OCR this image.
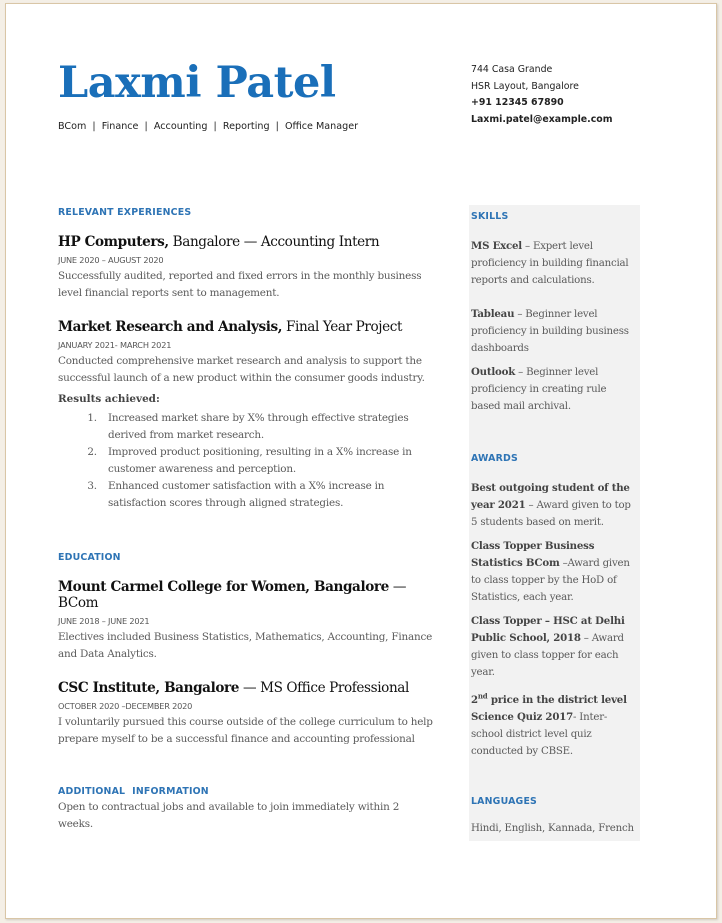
Laxmi Patel
BCom  |  Finance  |  Accounting  |  Reporting  |  Office Manager
744 Casa Grande
HSR Layout, Bangalore
+91 12345 67890
Laxmi.patel@example.com
RELEVANT EXPERIENCES

HP Computers, Bangalore — Accounting Intern

JUNE 2020 – AUGUST 2020

Successfully audited, reported and fixed errors in the monthly business level financial reports sent to management.

Market Research and Analysis, Final Year Project

JANUARY 2021- MARCH 2021

Conducted comprehensive market research and analysis to support the successful launch of a new product within the consumer goods industry.

Results achieved:

1. Increased market share by X% through effective strategies derived from market research.
2. Improved product positioning, resulting in a X% increase in customer awareness and perception.
3. Enhanced customer satisfaction with a X% increase in satisfaction scores through aligned strategies.
EDUCATION

Mount Carmel College for Women, Bangalore —BCom

JUNE 2018 – JUNE 2021

Electives included Business Statistics, Mathematics, Accounting, Finance and Data Analytics.

CSC Institute, Bangalore — MS Office Professional

OCTOBER 2020 –DECEMBER 2020

I voluntarily pursued this course outside of the college curriculum to help prepare myself to be a successful finance and accounting professional

ADDITIONAL  INFORMATION

Open to contractual jobs and available to join immediately within 2 weeks.

SKILLS

MS Excel – Expert level proficiency in building financial reports and calculations.

Tableau – Beginner level proficiency in building business dashboards

Outlook – Beginner level proficiency in creating rule based mail archival.

AWARDS

Best outgoing student of the year 2021 – Award given to top 5 students based on merit.

Class Topper Business Statistics BCom –Award given to class topper by the HoD of Statistics, each year.

Class Topper – HSC at Delhi Public School, 2018 – Award given to class topper for each year.

2nd price in the district level Science Quiz 2017- Inter-school district level quiz conducted by CBSE.

LANGUAGES

Hindi, English, Kannada, French
